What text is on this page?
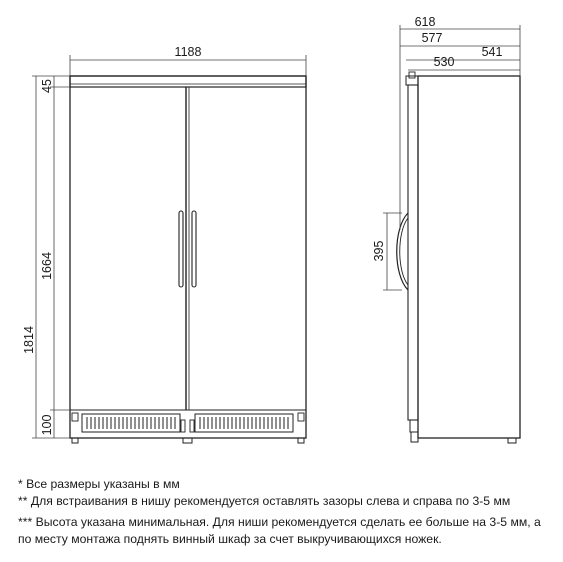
1188
45
1664
1814
100
618
577
541
530
395

* Все размеры указаны в мм

** Для встраивания в нишу рекомендуется оставлять зазоры слева и справа по 3-5 мм

*** Высота указана минимальная. Для ниши рекомендуется сделать ее больше на 3-5 мм, а по месту монтажа поднять винный шкаф за счет выкручивающихся ножек.
